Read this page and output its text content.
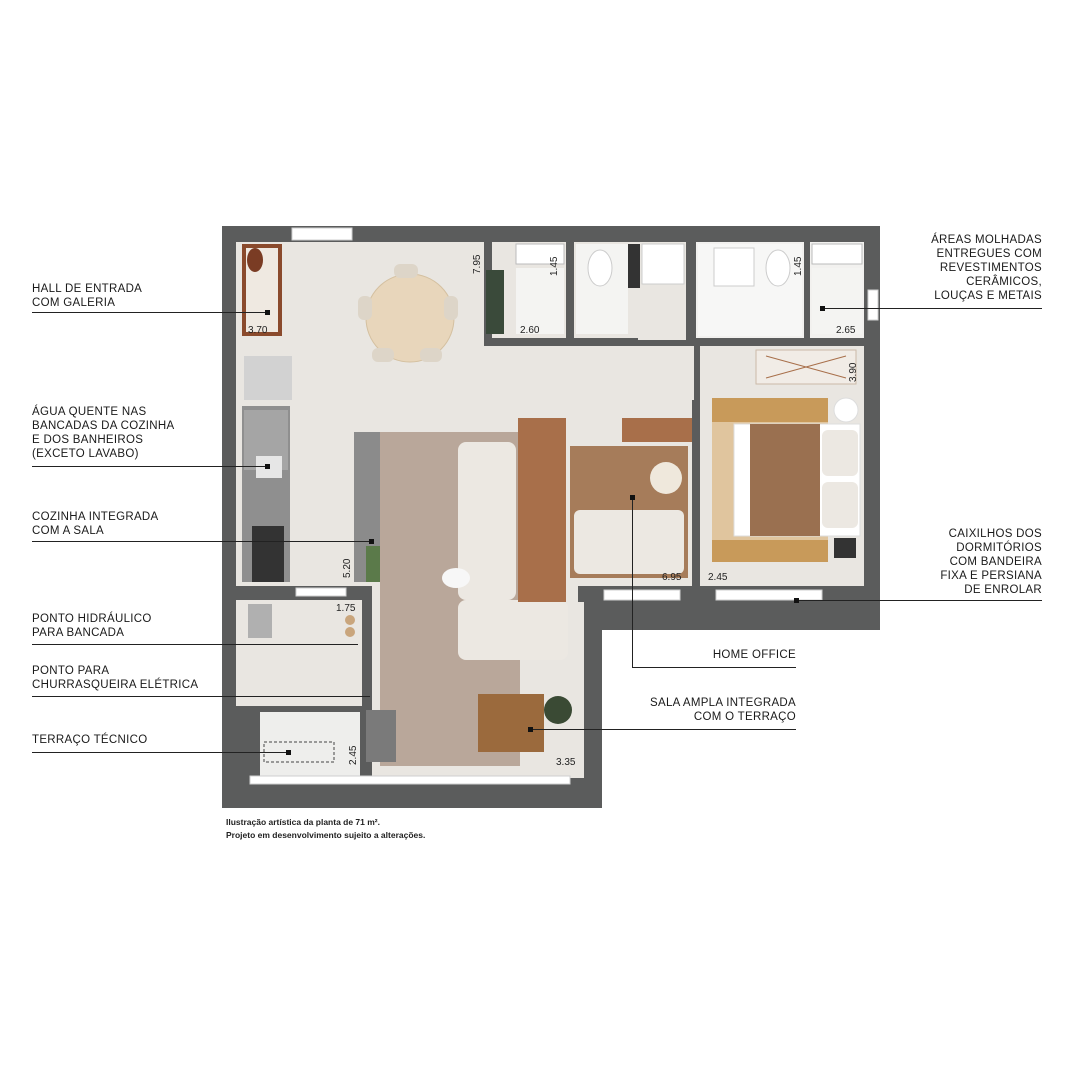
3.70
7.95
2.60
1.45	1.45
2.65
3.90
5.20	6.95	2.45
1.75
2.45	3.35
HALL DE ENTRADA
COM GALERIA
ÁGUA QUENTE NAS
BANCADAS DA COZINHA
E DOS BANHEIROS
(EXCETO LAVABO)
COZINHA INTEGRADA
COM A SALA
PONTO HIDRÁULICO
PARA BANCADA
PONTO PARA
CHURRASQUEIRA ELÉTRICA
TERRAÇO TÉCNICO
ÁREAS MOLHADAS
ENTREGUES COM
REVESTIMENTOS
CERÂMICOS,
LOUÇAS E METAIS
CAIXILHOS DOS
DORMITÓRIOS
COM BANDEIRA
FIXA E PERSIANA
DE ENROLAR
HOME OFFICE
SALA AMPLA INTEGRADA
COM O TERRAÇO
Ilustração artística da planta de 71 m².
Projeto em desenvolvimento sujeito a alterações.
